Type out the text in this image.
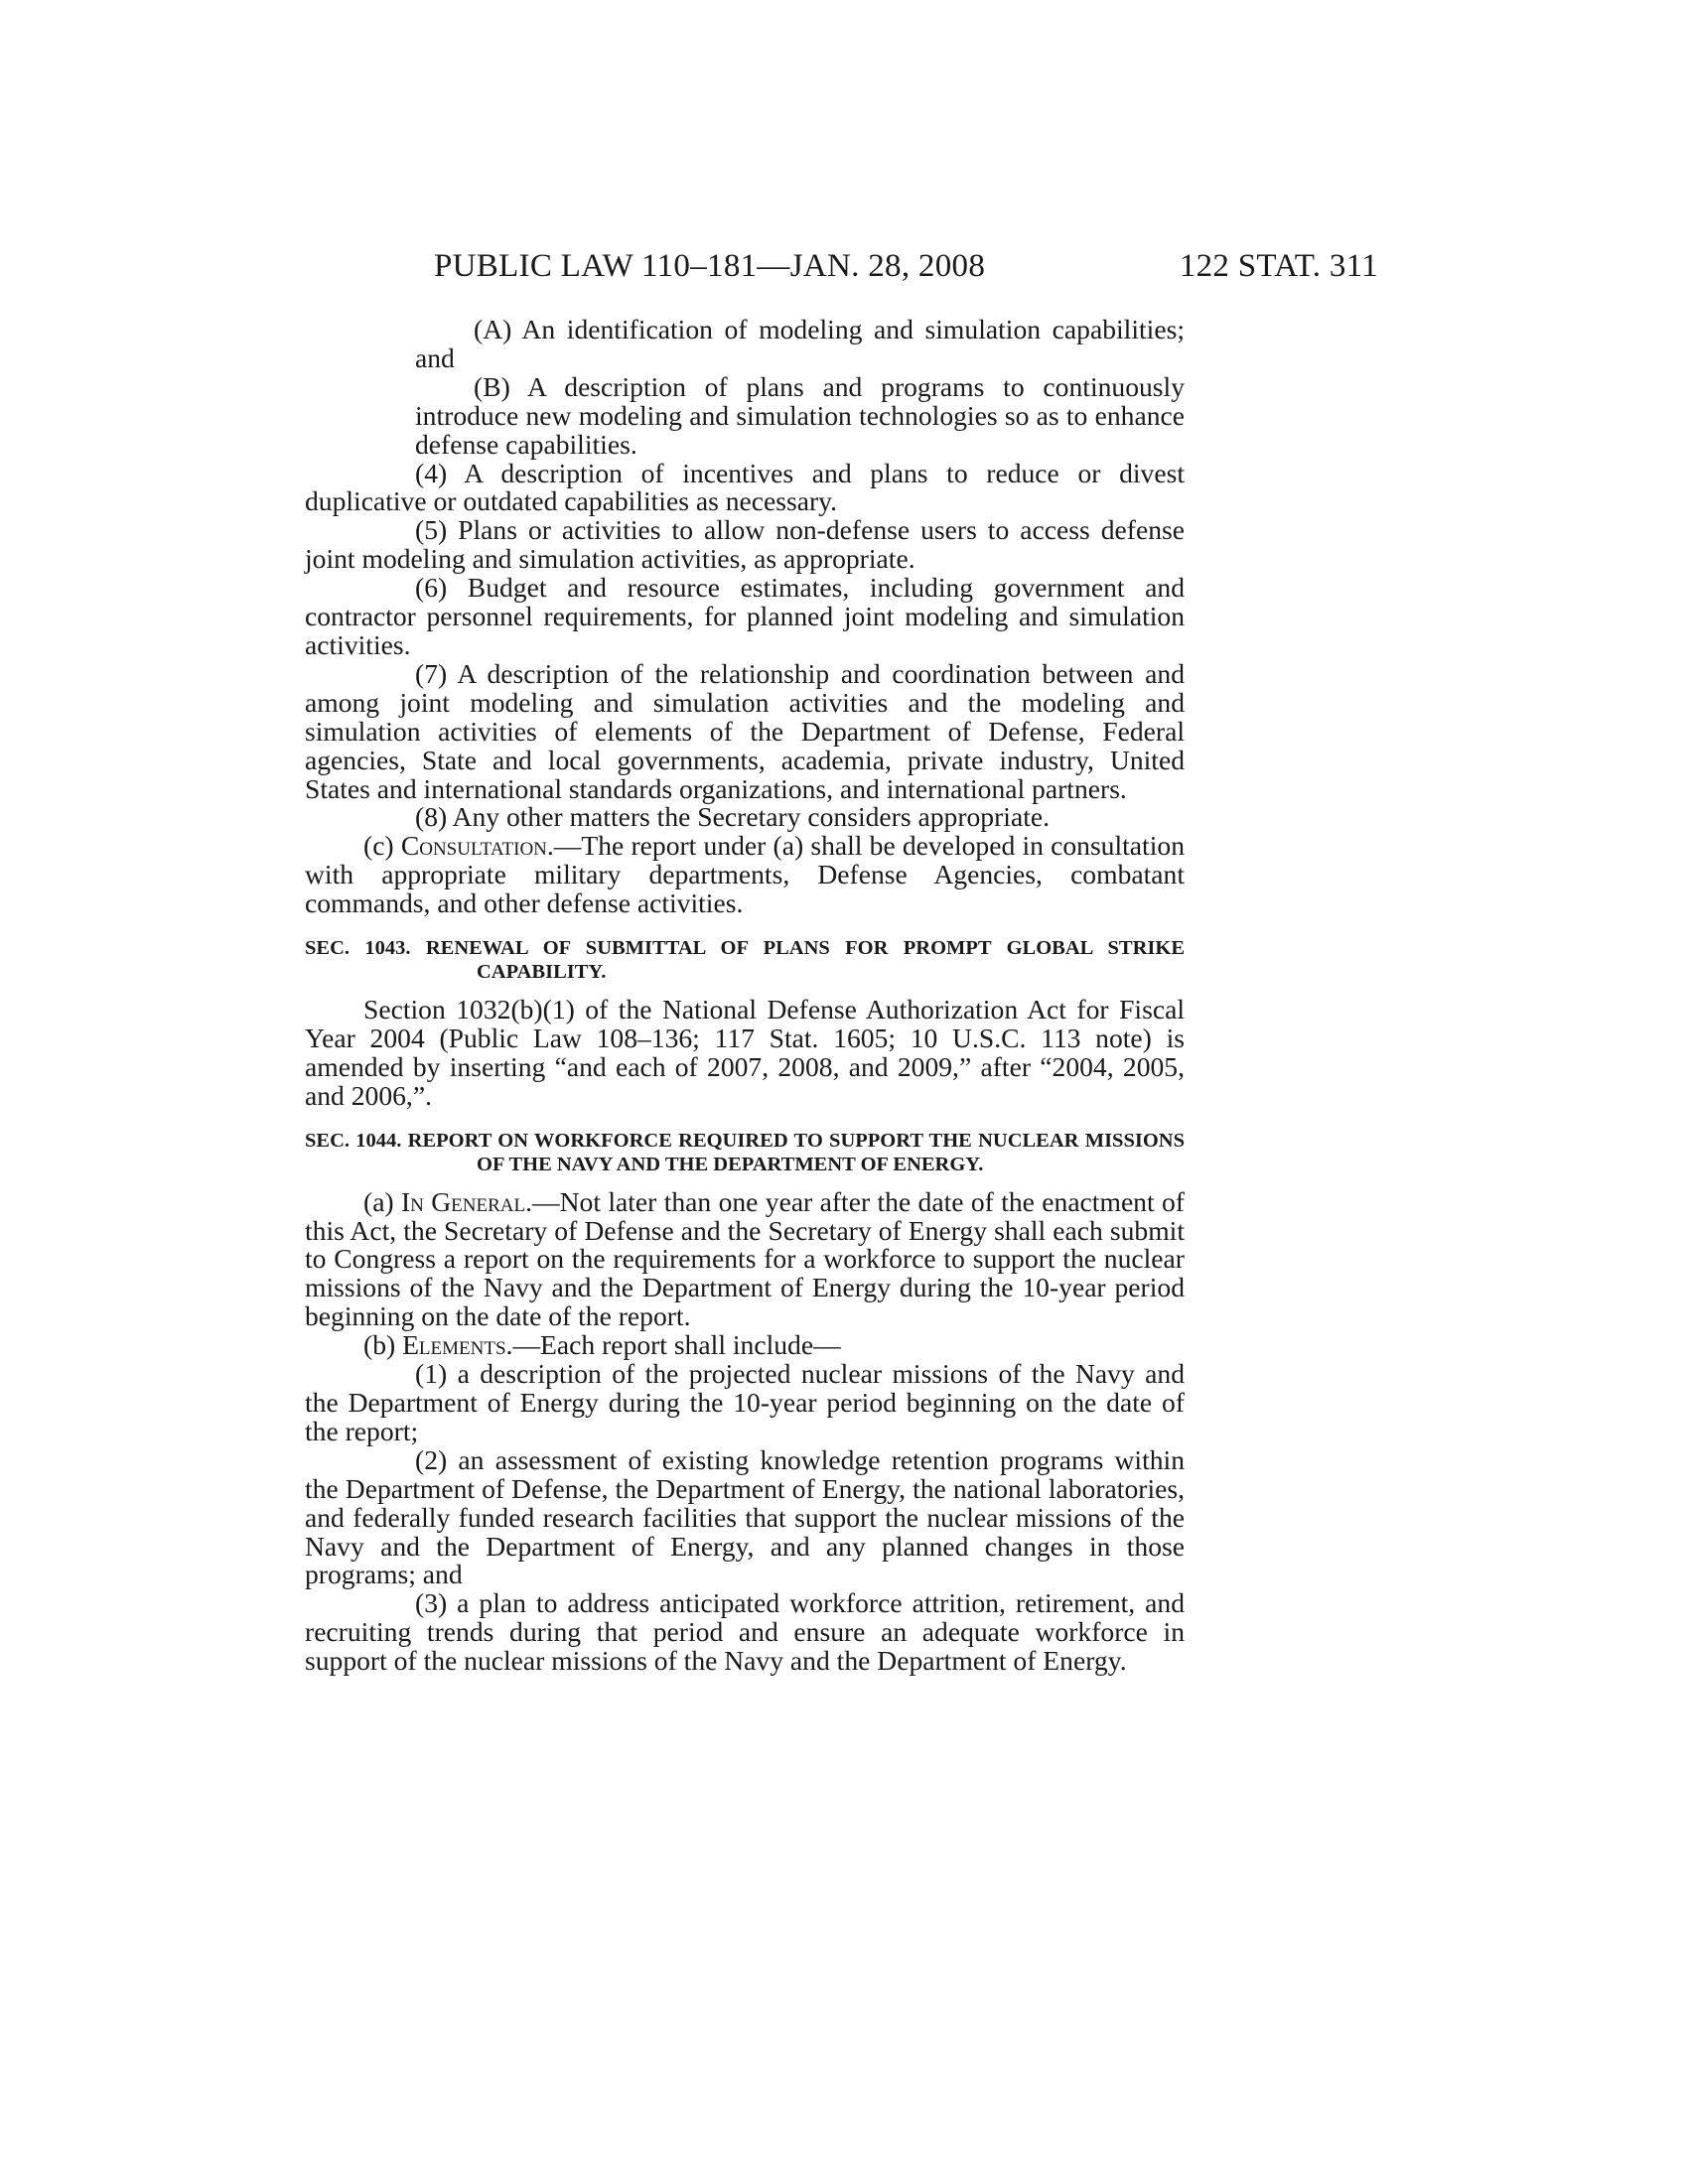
PUBLIC LAW 110–181—JAN. 28, 2008	122 STAT. 311

(A) An identification of modeling and simulation capabilities; and

(B) A description of plans and programs to continuously introduce new modeling and simulation technologies so as to enhance defense capabilities.

(4) A description of incentives and plans to reduce or divest duplicative or outdated capabilities as necessary.

(5) Plans or activities to allow non-defense users to access defense joint modeling and simulation activities, as appropriate.

(6) Budget and resource estimates, including government and contractor personnel requirements, for planned joint modeling and simulation activities.

(7) A description of the relationship and coordination between and among joint modeling and simulation activities and the modeling and simulation activities of elements of the Department of Defense, Federal agencies, State and local governments, academia, private industry, United States and international standards organizations, and international partners.

(8) Any other matters the Secretary considers appropriate.

(c) Consultation.—The report under (a) shall be developed in consultation with appropriate military departments, Defense Agencies, combatant commands, and other defense activities.

SEC. 1043. RENEWAL OF SUBMITTAL OF PLANS FOR PROMPT GLOBAL STRIKE CAPABILITY.

Section 1032(b)(1) of the National Defense Authorization Act for Fiscal Year 2004 (Public Law 108–136; 117 Stat. 1605; 10 U.S.C. 113 note) is amended by inserting “and each of 2007, 2008, and 2009,” after “2004, 2005, and 2006,”.

SEC. 1044. REPORT ON WORKFORCE REQUIRED TO SUPPORT THE NUCLEAR MISSIONS OF THE NAVY AND THE DEPARTMENT OF ENERGY.

(a) In General.—Not later than one year after the date of the enactment of this Act, the Secretary of Defense and the Secretary of Energy shall each submit to Congress a report on the requirements for a workforce to support the nuclear missions of the Navy and the Department of Energy during the 10-year period beginning on the date of the report.

(b) Elements.—Each report shall include—

(1) a description of the projected nuclear missions of the Navy and the Department of Energy during the 10-year period beginning on the date of the report;

(2) an assessment of existing knowledge retention programs within the Department of Defense, the Department of Energy, the national laboratories, and federally funded research facilities that support the nuclear missions of the Navy and the Department of Energy, and any planned changes in those programs; and

(3) a plan to address anticipated workforce attrition, retirement, and recruiting trends during that period and ensure an adequate workforce in support of the nuclear missions of the Navy and the Department of Energy.
